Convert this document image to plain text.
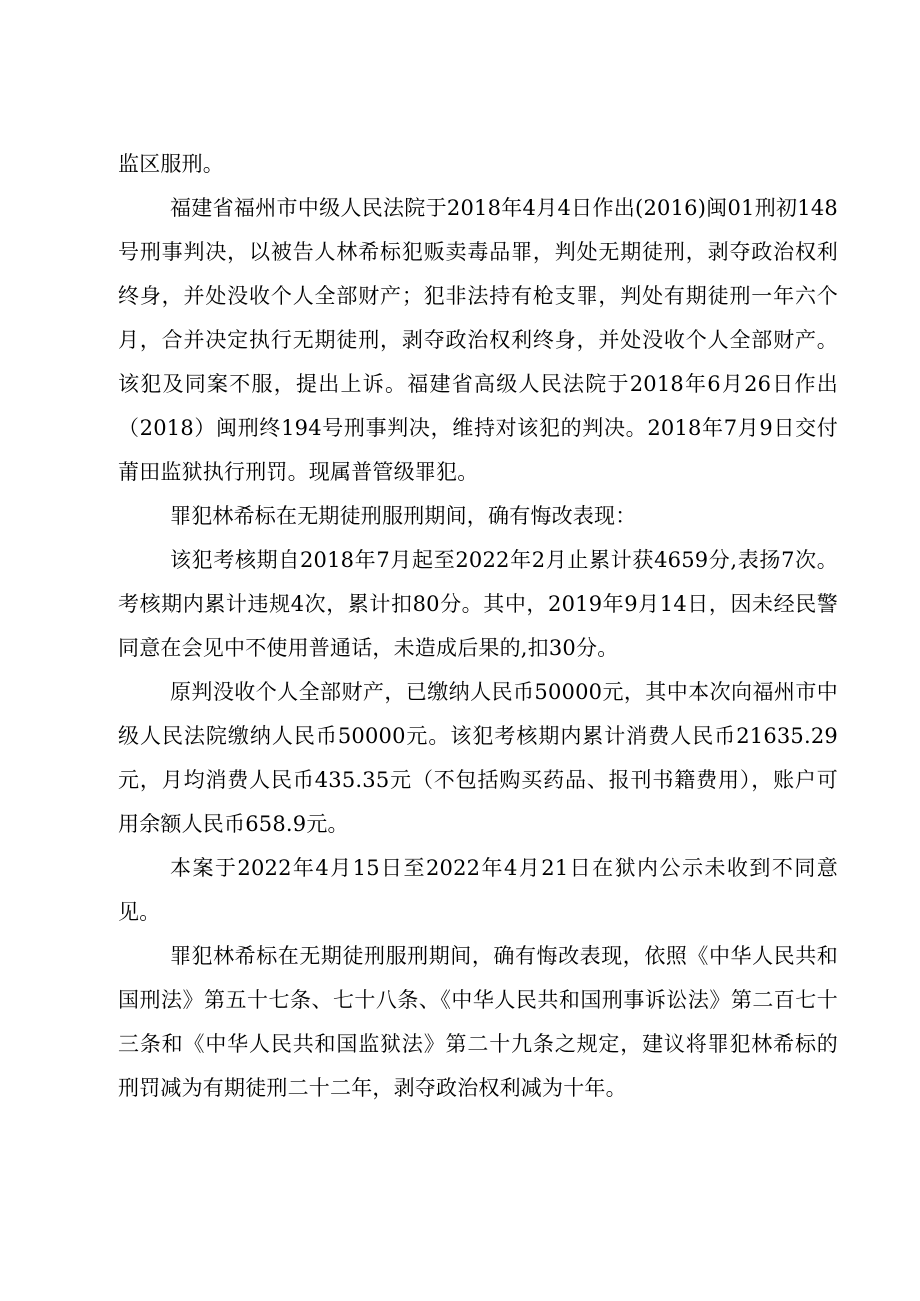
监区服刑。

福建省福州市中级人民法院于2018年4月4日作出(2016)闽01刑初148号刑事判决，以被告人林希标犯贩卖毒品罪，判处无期徒刑，剥夺政治权利终身，并处没收个人全部财产；犯非法持有枪支罪，判处有期徒刑一年六个月，合并决定执行无期徒刑，剥夺政治权利终身，并处没收个人全部财产。该犯及同案不服，提出上诉。福建省高级人民法院于2018年6月26日作出（2018）闽刑终194号刑事判决，维持对该犯的判决。2018年7月9日交付莆田监狱执行刑罚。现属普管级罪犯。

罪犯林希标在无期徒刑服刑期间，确有悔改表现：

该犯考核期自2018年7月起至2022年2月止累计获4659分,表扬7次。考核期内累计违规4次，累计扣80分。其中，2019年9月14日，因未经民警同意在会见中不使用普通话，未造成后果的,扣30分。

原判没收个人全部财产，已缴纳人民币50000元，其中本次向福州市中级人民法院缴纳人民币50000元。该犯考核期内累计消费人民币21635.29元，月均消费人民币435.35元（不包括购买药品、报刊书籍费用），账户可用余额人民币658.9元。

本案于2022年4月15日至2022年4月21日在狱内公示未收到不同意见。

罪犯林希标在无期徒刑服刑期间，确有悔改表现，依照《中华人民共和国刑法》第五十七条、七十八条、《中华人民共和国刑事诉讼法》第二百七十三条和《中华人民共和国监狱法》第二十九条之规定，建议将罪犯林希标的刑罚减为有期徒刑二十二年，剥夺政治权利减为十年。
